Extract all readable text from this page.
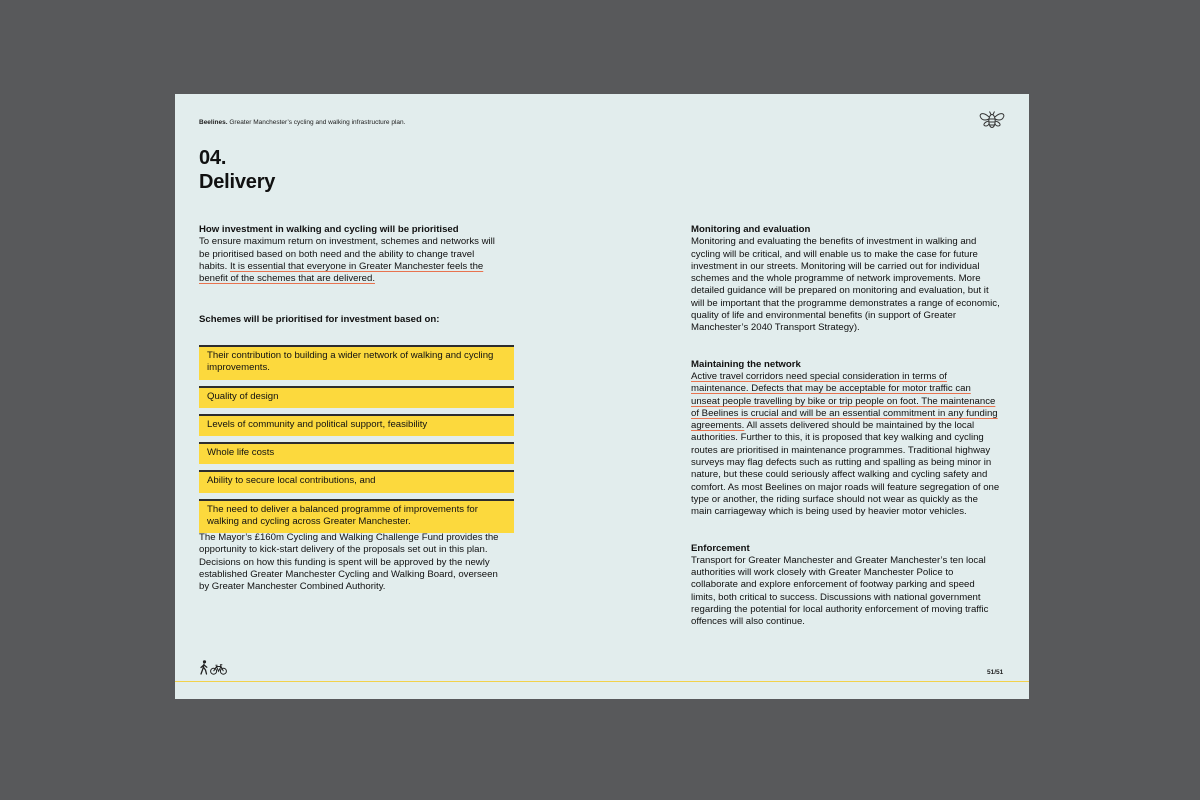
Beelines. Greater Manchester’s cycling and walking infrastructure plan.
04.
Delivery
How investment in walking and cycling will be prioritised
To ensure maximum return on investment, schemes and networks will be prioritised based on both need and the ability to change travel habits. It is essential that everyone in Greater Manchester feels the benefit of the schemes that are delivered.
Schemes will be prioritised for investment based on:
Their contribution to building a wider network of walking and cycling improvements.
Quality of design
Levels of community and political support, feasibility
Whole life costs
Ability to secure local contributions, and
The need to deliver a balanced programme of improvements for walking and cycling across Greater Manchester.
The Mayor’s £160m Cycling and Walking Challenge Fund provides the opportunity to kick-start delivery of the proposals set out in this plan. Decisions on how this funding is spent will be approved by the newly established Greater Manchester Cycling and Walking Board, overseen by Greater Manchester Combined Authority.
Monitoring and evaluation
Monitoring and evaluating the benefits of investment in walking and cycling will be critical, and will enable us to make the case for future investment in our streets. Monitoring will be carried out for individual schemes and the whole programme of network improvements. More detailed guidance will be prepared on monitoring and evaluation, but it will be important that the programme demonstrates a range of economic, quality of life and environmental benefits (in support of Greater Manchester’s 2040 Transport Strategy).
Maintaining the network
Active travel corridors need special consideration in terms of maintenance. Defects that may be acceptable for motor traffic can unseat people travelling by bike or trip people on foot. The maintenance of Beelines is crucial and will be an essential commitment in any funding agreements. All assets delivered should be maintained by the local authorities. Further to this, it is proposed that key walking and cycling routes are prioritised in maintenance programmes. Traditional highway surveys may flag defects such as rutting and spalling as being minor in nature, but these could seriously affect walking and cycling safety and comfort. As most Beelines on major roads will feature segregation of one type or another, the riding surface should not wear as quickly as the main carriageway which is being used by heavier motor vehicles.
Enforcement
Transport for Greater Manchester and Greater Manchester’s ten local authorities will work closely with Greater Manchester Police to collaborate and explore enforcement of footway parking and speed limits, both critical to success. Discussions with national government regarding the potential for local authority enforcement of moving traffic offences will also continue.
51/51
